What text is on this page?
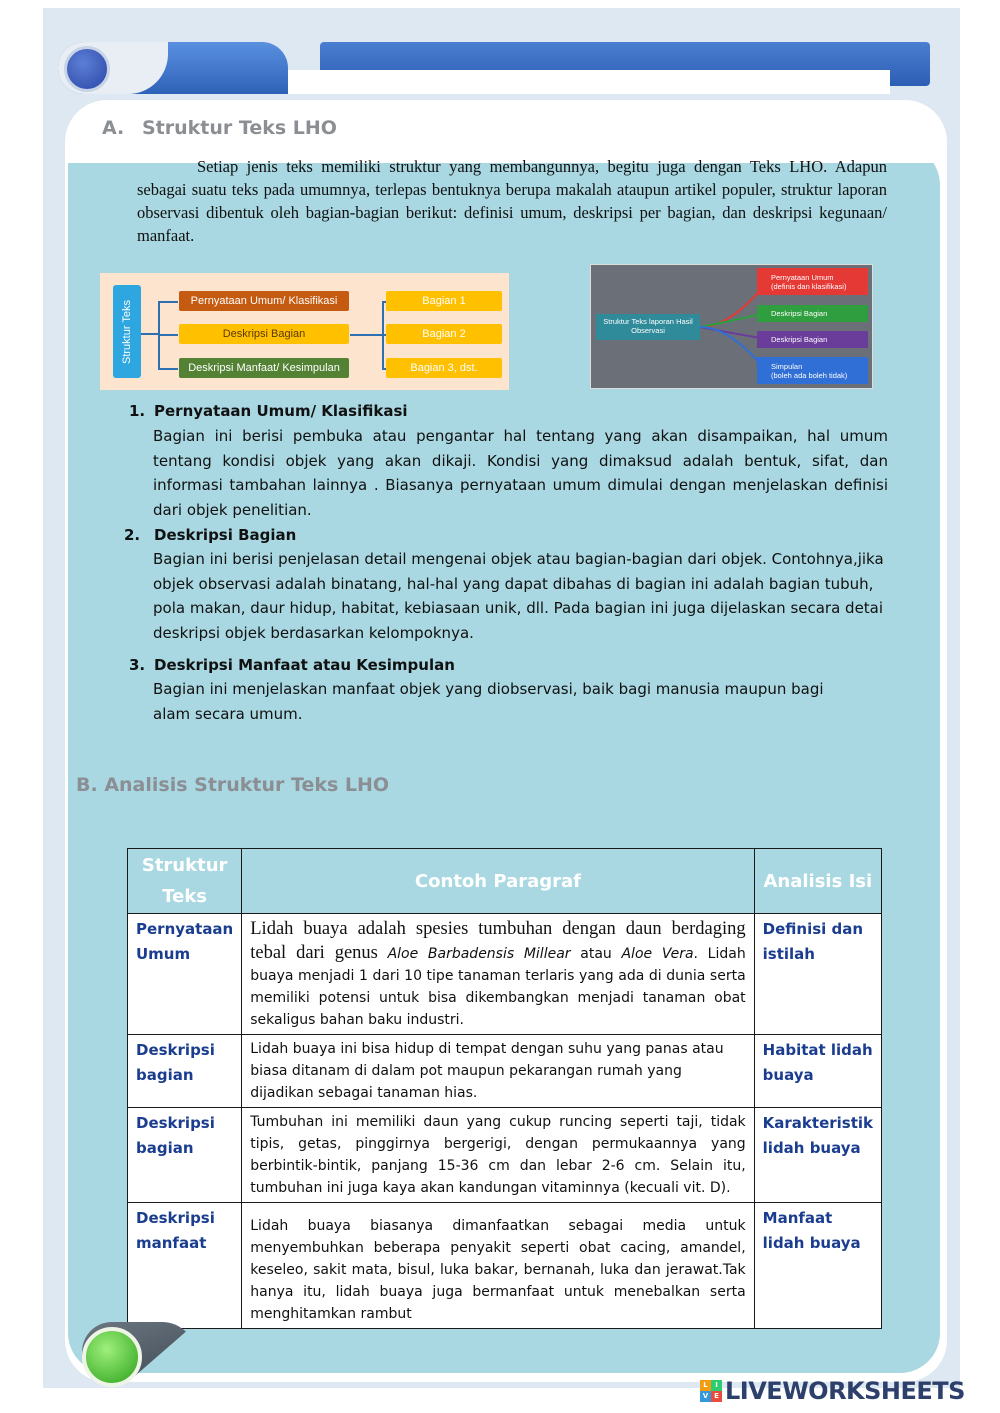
A. Struktur Teks LHO
Setiap jenis teks memiliki struktur yang membangunnya, begitu juga dengan Teks LHO. Adapun sebagai suatu teks pada umumnya, terlepas bentuknya berupa makalah ataupun artikel populer, struktur laporan observasi dibentuk oleh bagian-bagian berikut: definisi umum, deskripsi per bagian, dan deskripsi kegunaan/ manfaat.
Struktur Teks	Pernyataan Umum/ Klasifikasi
Deskripsi Bagian
Deskripsi Manfaat/ Kesimpulan
Bagian 1
Bagian 2
Bagian 3, dst.
Struktur Teks laporan Hasil Observasi
Pernyataan Umum
(definis dan klasifikasi)
Deskripsi Bagian
Deskripsi Bagian
Simpulan
(boleh ada boleh tidak)
1. Pernyataan Umum/ Klasifikasi
Bagian ini berisi pembuka atau pengantar hal tentang yang akan disampaikan, hal umum tentang kondisi objek yang akan dikaji. Kondisi yang dimaksud adalah bentuk, sifat, dan informasi tambahan lainnya . Biasanya pernyataan umum dimulai dengan menjelaskan definisi dari objek penelitian.
2. Deskripsi Bagian
Bagian ini berisi penjelasan detail mengenai objek atau bagian-bagian dari objek. Contohnya,jika objek observasi adalah binatang, hal-hal yang dapat dibahas di bagian ini adalah bagian tubuh, pola makan, daur hidup, habitat, kebiasaan unik, dll. Pada bagian ini juga dijelaskan secara detai deskripsi objek berdasarkan kelompoknya.
3. Deskripsi Manfaat atau Kesimpulan
Bagian ini menjelaskan manfaat objek yang diobservasi, baik bagi manusia maupun bagi alam secara umum.
B. Analisis Struktur Teks LHO
Struktur Teks	Contoh Paragraf	Analisis Isi
Pernyataan Umum	Lidah buaya adalah spesies tumbuhan dengan daun berdaging tebal dari genus Aloe Barbadensis Millear atau Aloe Vera. Lidah buaya menjadi 1 dari 10 tipe tanaman terlaris yang ada di dunia serta memiliki potensi untuk bisa dikembangkan menjadi tanaman obat sekaligus bahan baku industri.	Definisi dan istilah
Deskripsi bagian	Lidah buaya ini bisa hidup di tempat dengan suhu yang panas atau biasa ditanam di dalam pot maupun pekarangan rumah yang dijadikan sebagai tanaman hias.	Habitat lidah buaya
Deskripsi bagian	Tumbuhan ini memiliki daun yang cukup runcing seperti taji, tidak tipis, getas, pinggirnya bergerigi, dengan permukaannya yang berbintik-bintik, panjang 15-36 cm dan lebar 2-6 cm. Selain itu, tumbuhan ini juga kaya akan kandungan vitaminnya (kecuali vit. D).	Karakteristik lidah buaya
Deskripsi manfaat	Lidah buaya biasanya dimanfaatkan sebagai media untuk menyembuhkan beberapa penyakit seperti obat cacing, amandel, keseleo, sakit mata, bisul, luka bakar, bernanah, luka dan jerawat.Tak hanya itu, lidah buaya juga bermanfaat untuk menebalkan serta menghitamkan rambut	Manfaat lidah buaya
L	I
V E LIVEWORKSHEETS
